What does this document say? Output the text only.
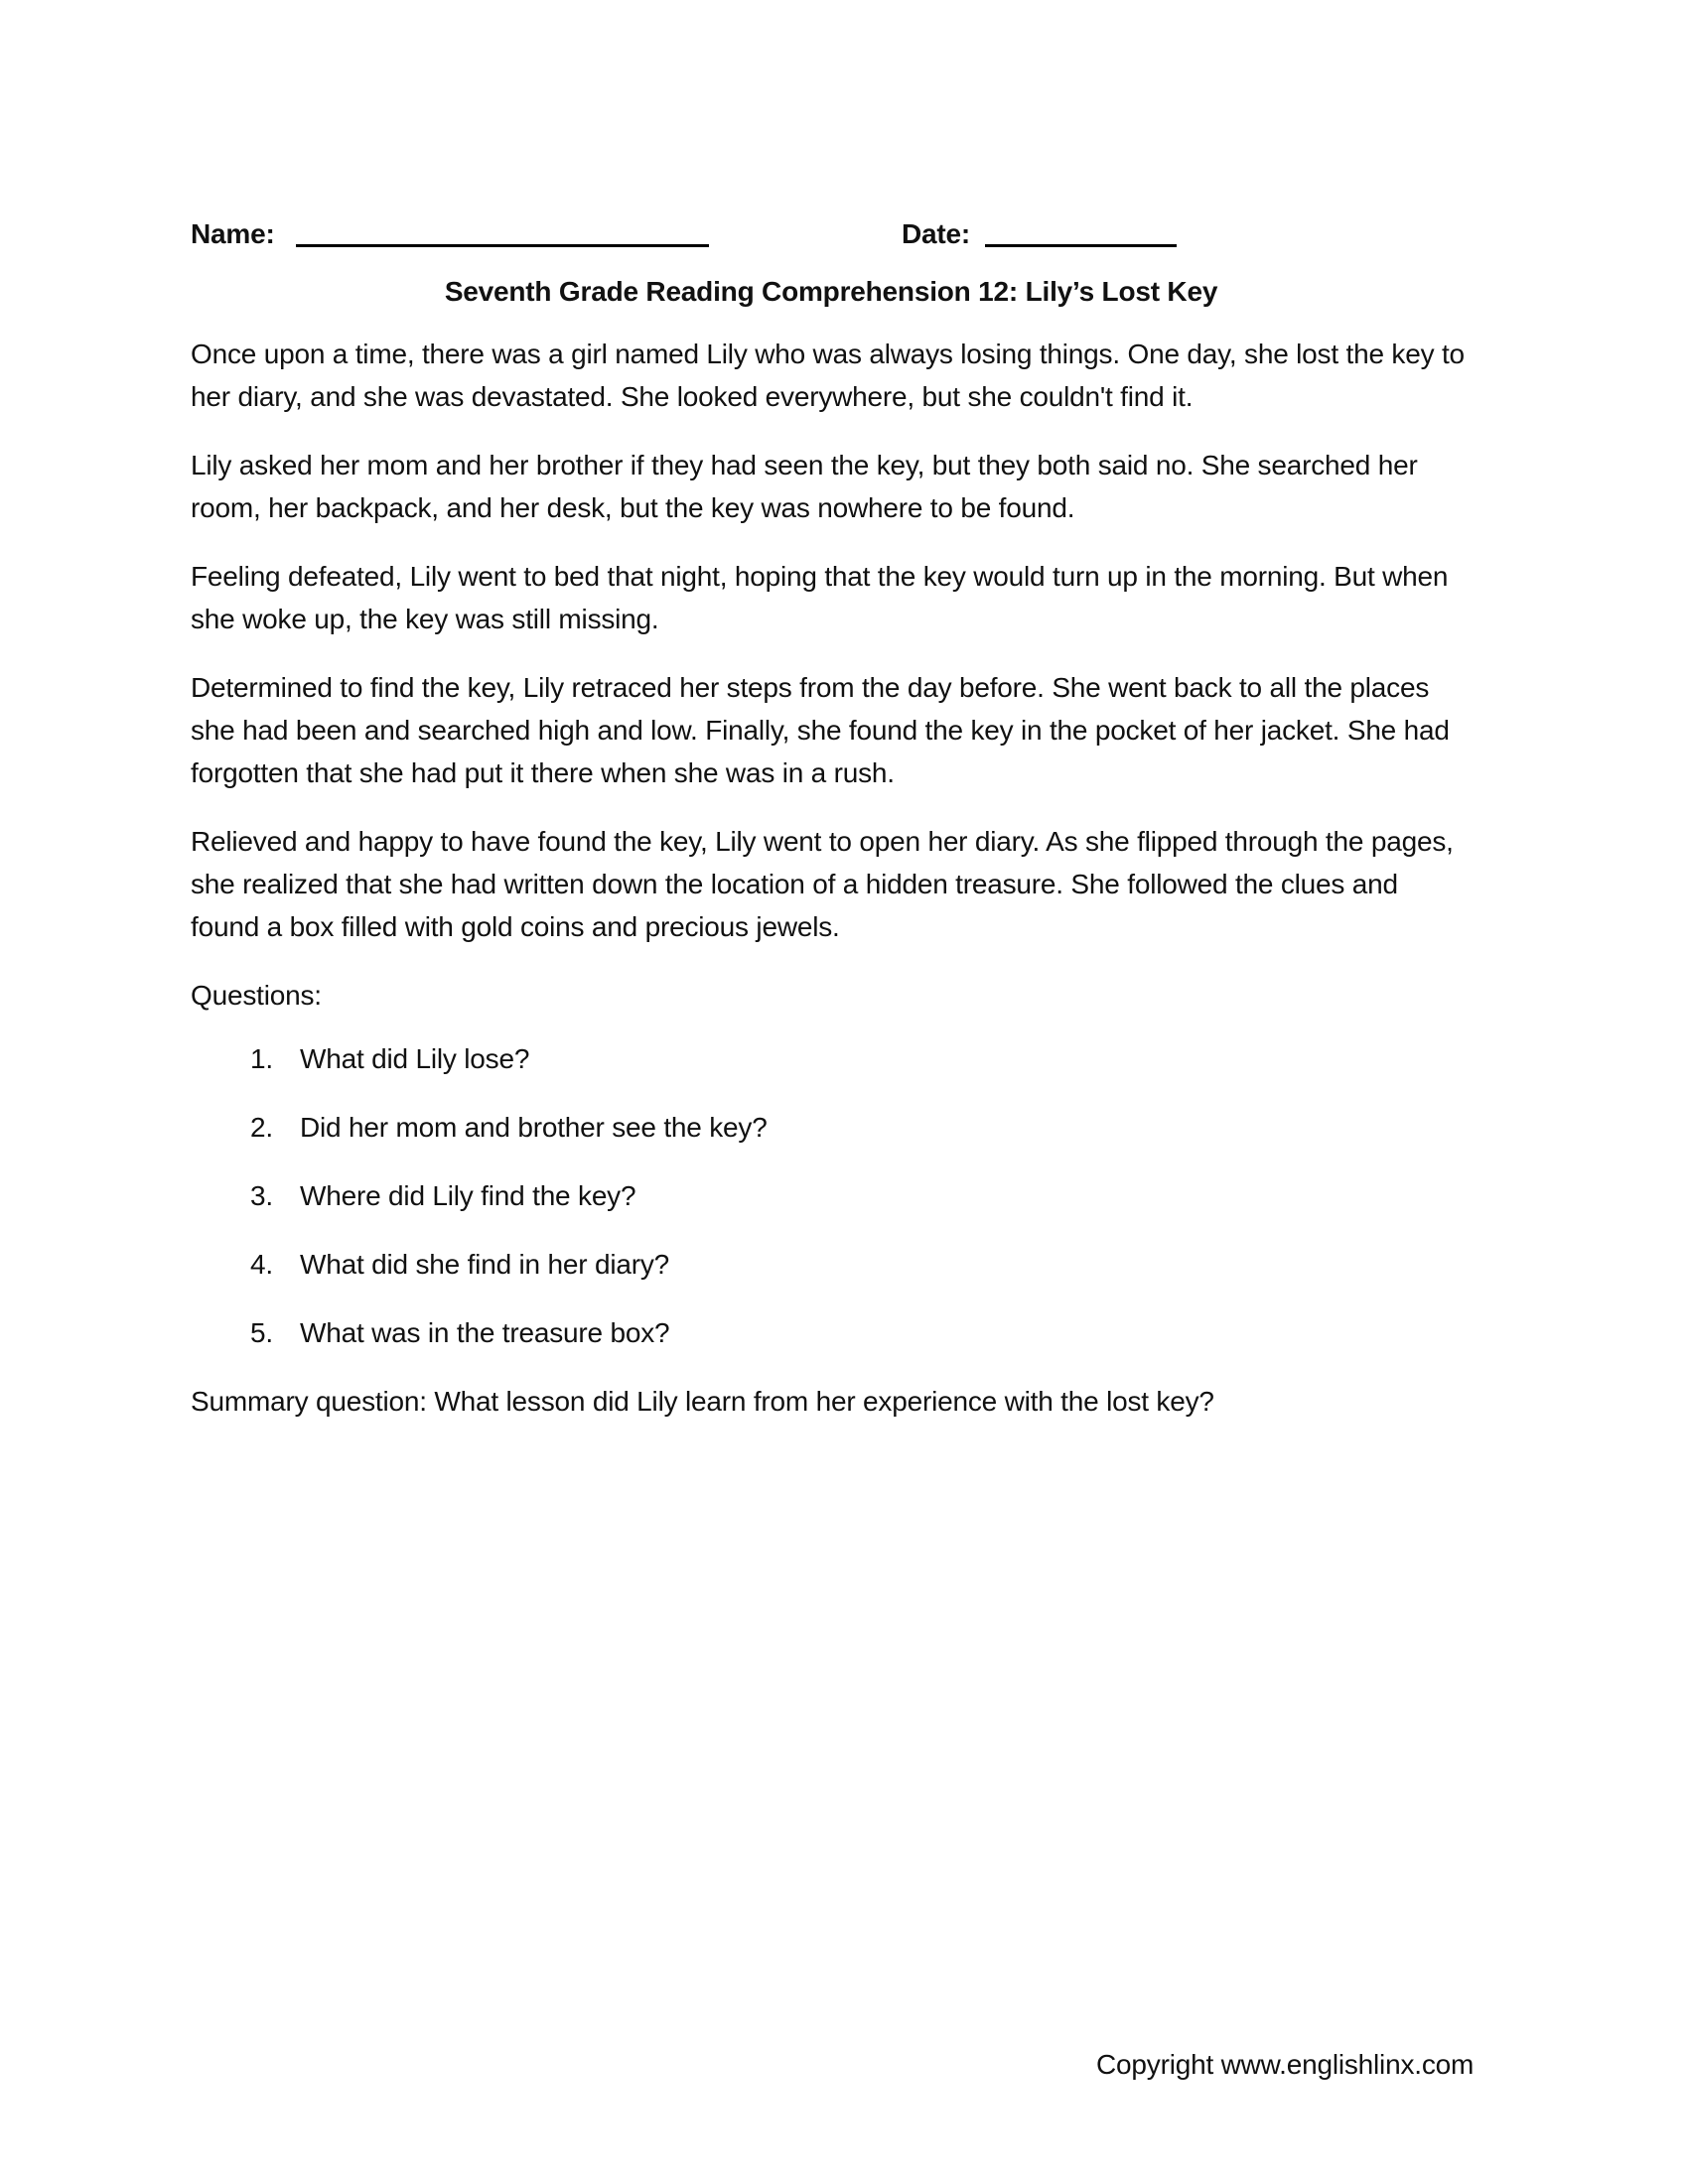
Name:	Date:
Seventh Grade Reading Comprehension 12: Lily’s Lost Key

Once upon a time, there was a girl named Lily who was always losing things. One day, she lost the key to her diary, and she was devastated. She looked everywhere, but she couldn't find it.

Lily asked her mom and her brother if they had seen the key, but they both said no. She searched her room, her backpack, and her desk, but the key was nowhere to be found.

Feeling defeated, Lily went to bed that night, hoping that the key would turn up in the morning. But when she woke up, the key was still missing.

Determined to find the key, Lily retraced her steps from the day before. She went back to all the places she had been and searched high and low. Finally, she found the key in the pocket of her jacket. She had forgotten that she had put it there when she was in a rush.

Relieved and happy to have found the key, Lily went to open her diary. As she flipped through the pages, she realized that she had written down the location of a hidden treasure. She followed the clues and found a box filled with gold coins and precious jewels.

Questions:
What did Lily lose?
Did her mom and brother see the key?
Where did Lily find the key?
What did she find in her diary?
What was in the treasure box?
Summary question: What lesson did Lily learn from her experience with the lost key?
Copyright www.englishlinx.com
